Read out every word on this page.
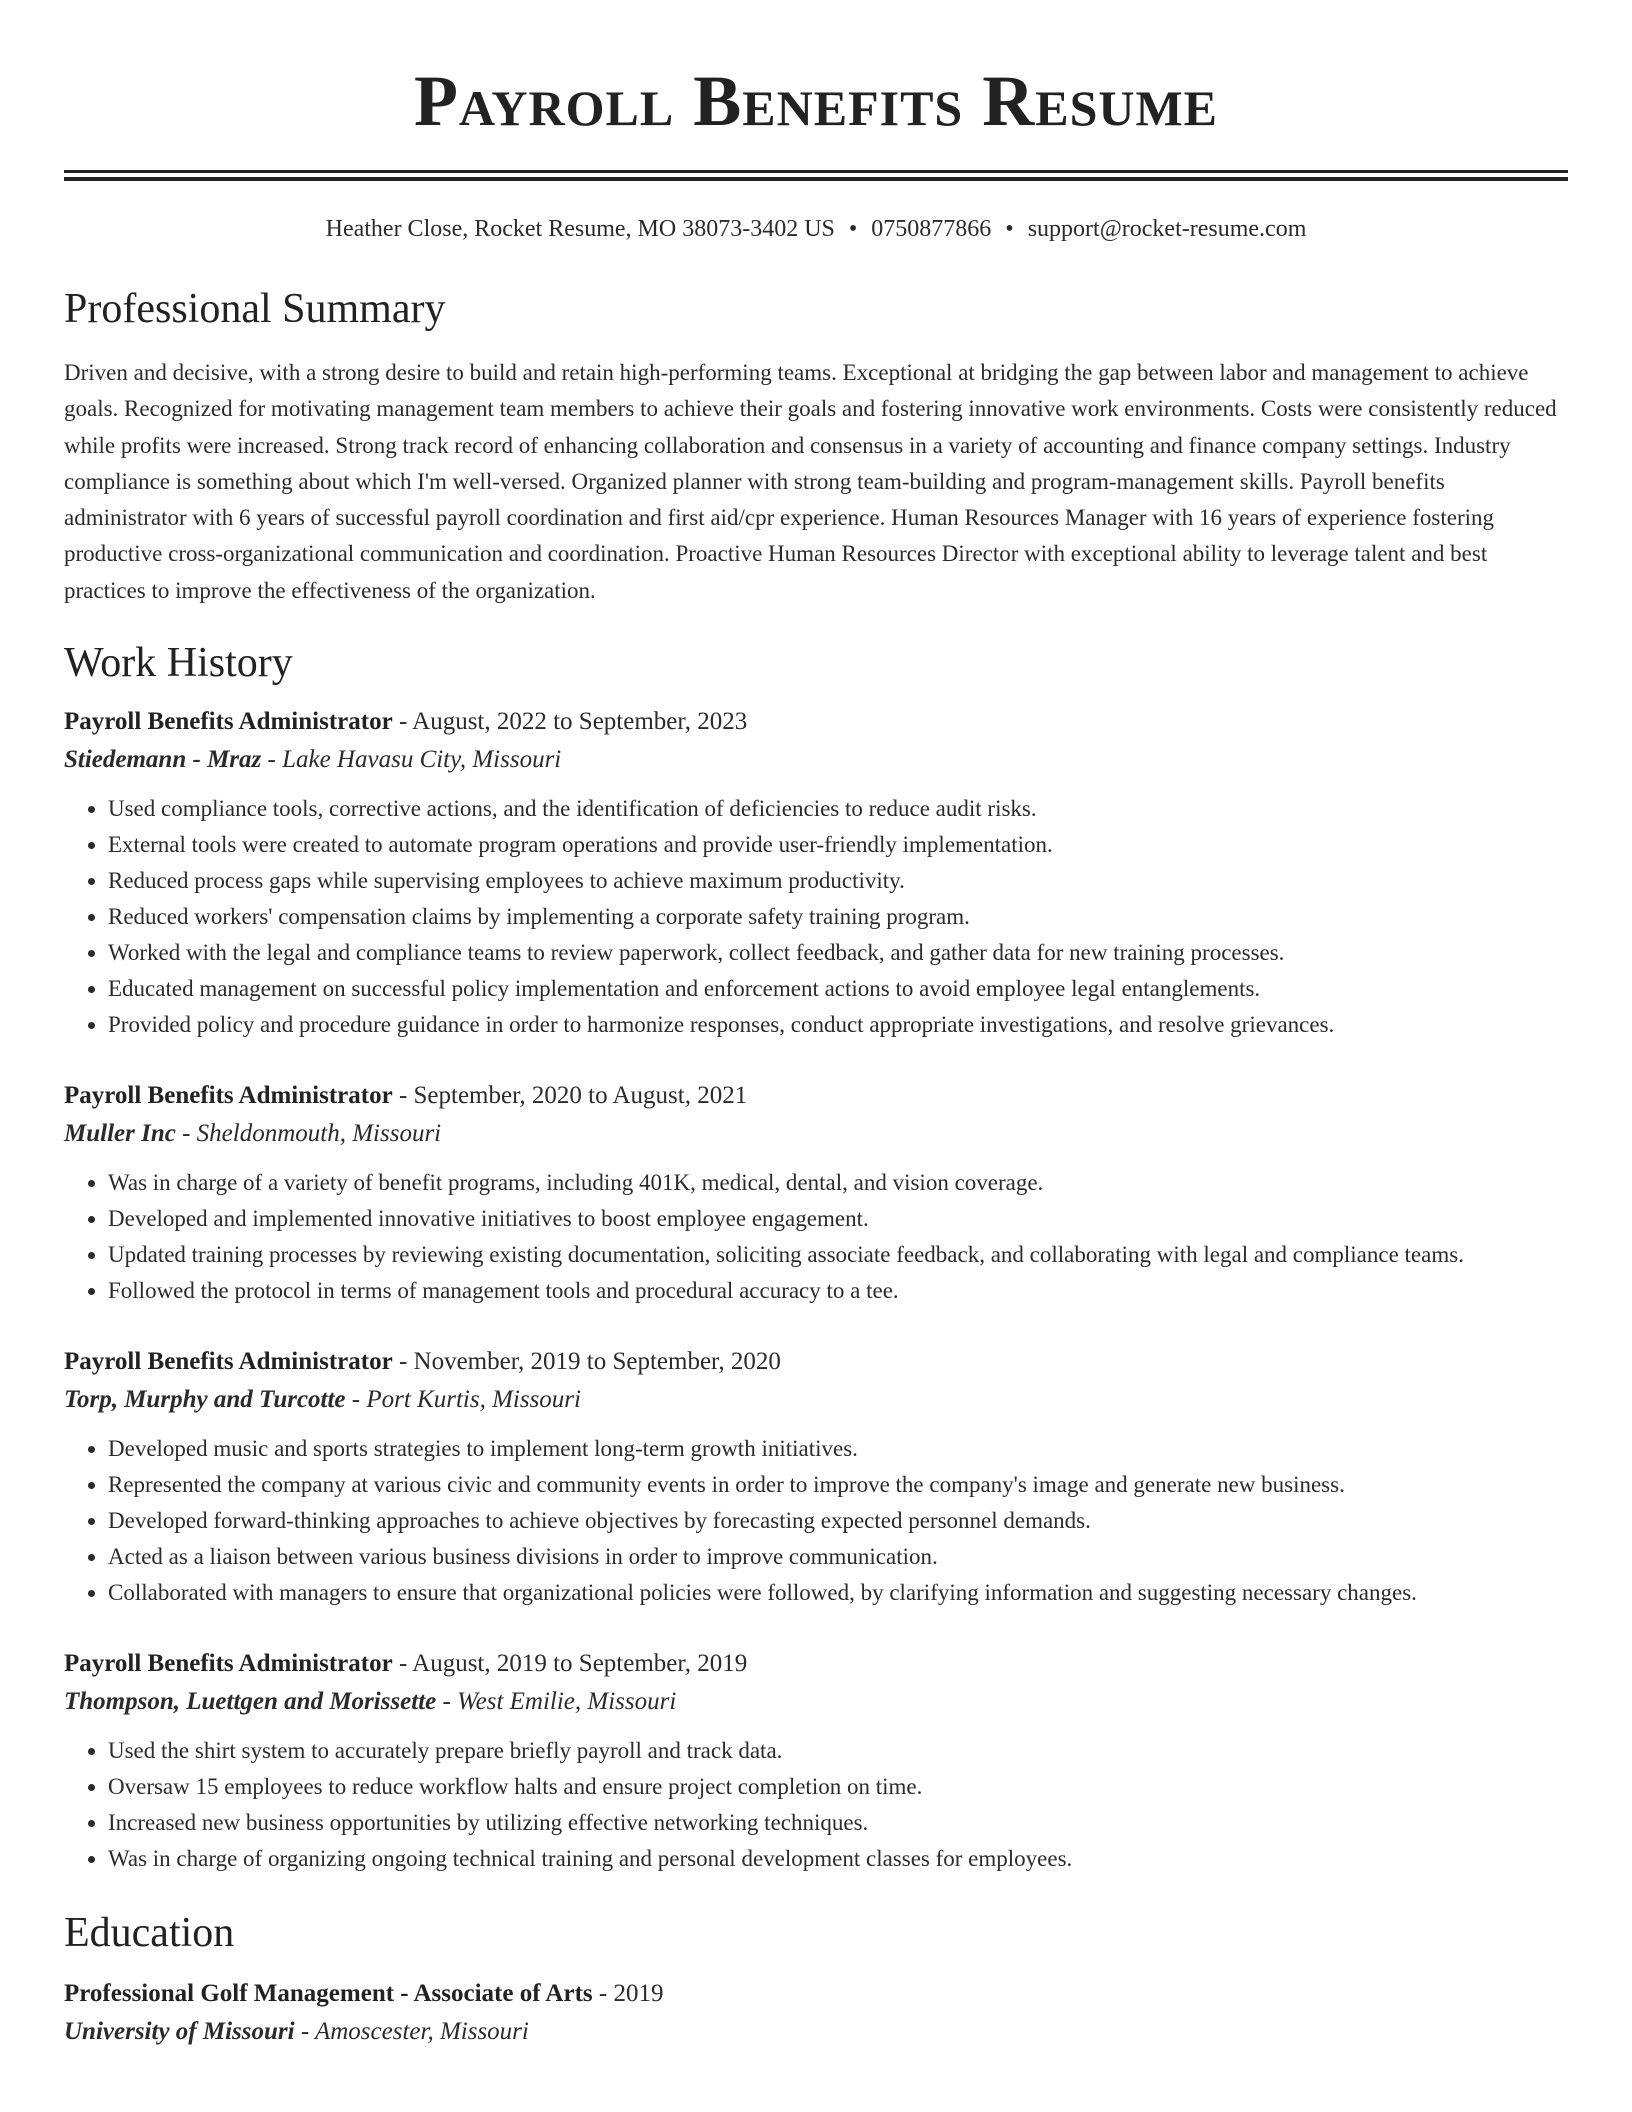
Payroll Benefits Resume
Heather Close, Rocket Resume, MO 38073-3402 US • 0750877866 • support@rocket-resume.com
Professional Summary

Driven and decisive, with a strong desire to build and retain high-performing teams. Exceptional at bridging the gap between labor and management to achieve goals. Recognized for motivating management team members to achieve their goals and fostering innovative work environments. Costs were consistently reduced while profits were increased. Strong track record of enhancing collaboration and consensus in a variety of accounting and finance company settings. Industry compliance is something about which I'm well-versed. Organized planner with strong team-building and program-management skills. Payroll benefits administrator with 6 years of successful payroll coordination and first aid/cpr experience. Human Resources Manager with 16 years of experience fostering productive cross-organizational communication and coordination. Proactive Human Resources Director with exceptional ability to leverage talent and best practices to improve the effectiveness of the organization.

Work History
Payroll Benefits Administrator - August, 2022 to September, 2023
Stiedemann - Mraz - Lake Havasu City, Missouri
• Used compliance tools, corrective actions, and the identification of deficiencies to reduce audit risks.
• External tools were created to automate program operations and provide user-friendly implementation.
• Reduced process gaps while supervising employees to achieve maximum productivity.
• Reduced workers' compensation claims by implementing a corporate safety training program.
• Worked with the legal and compliance teams to review paperwork, collect feedback, and gather data for new training processes.
• Educated management on successful policy implementation and enforcement actions to avoid employee legal entanglements.
• Provided policy and procedure guidance in order to harmonize responses, conduct appropriate investigations, and resolve grievances.
Payroll Benefits Administrator - September, 2020 to August, 2021
Muller Inc - Sheldonmouth, Missouri
• Was in charge of a variety of benefit programs, including 401K, medical, dental, and vision coverage.
• Developed and implemented innovative initiatives to boost employee engagement.
• Updated training processes by reviewing existing documentation, soliciting associate feedback, and collaborating with legal and compliance teams.
• Followed the protocol in terms of management tools and procedural accuracy to a tee.
Payroll Benefits Administrator - November, 2019 to September, 2020
Torp, Murphy and Turcotte - Port Kurtis, Missouri
• Developed music and sports strategies to implement long-term growth initiatives.
• Represented the company at various civic and community events in order to improve the company's image and generate new business.
• Developed forward-thinking approaches to achieve objectives by forecasting expected personnel demands.
• Acted as a liaison between various business divisions in order to improve communication.
• Collaborated with managers to ensure that organizational policies were followed, by clarifying information and suggesting necessary changes.
Payroll Benefits Administrator - August, 2019 to September, 2019
Thompson, Luettgen and Morissette - West Emilie, Missouri
• Used the shirt system to accurately prepare briefly payroll and track data.
• Oversaw 15 employees to reduce workflow halts and ensure project completion on time.
• Increased new business opportunities by utilizing effective networking techniques.
• Was in charge of organizing ongoing technical training and personal development classes for employees.
Education
Professional Golf Management - Associate of Arts - 2019
University of Missouri - Amoscester, Missouri
